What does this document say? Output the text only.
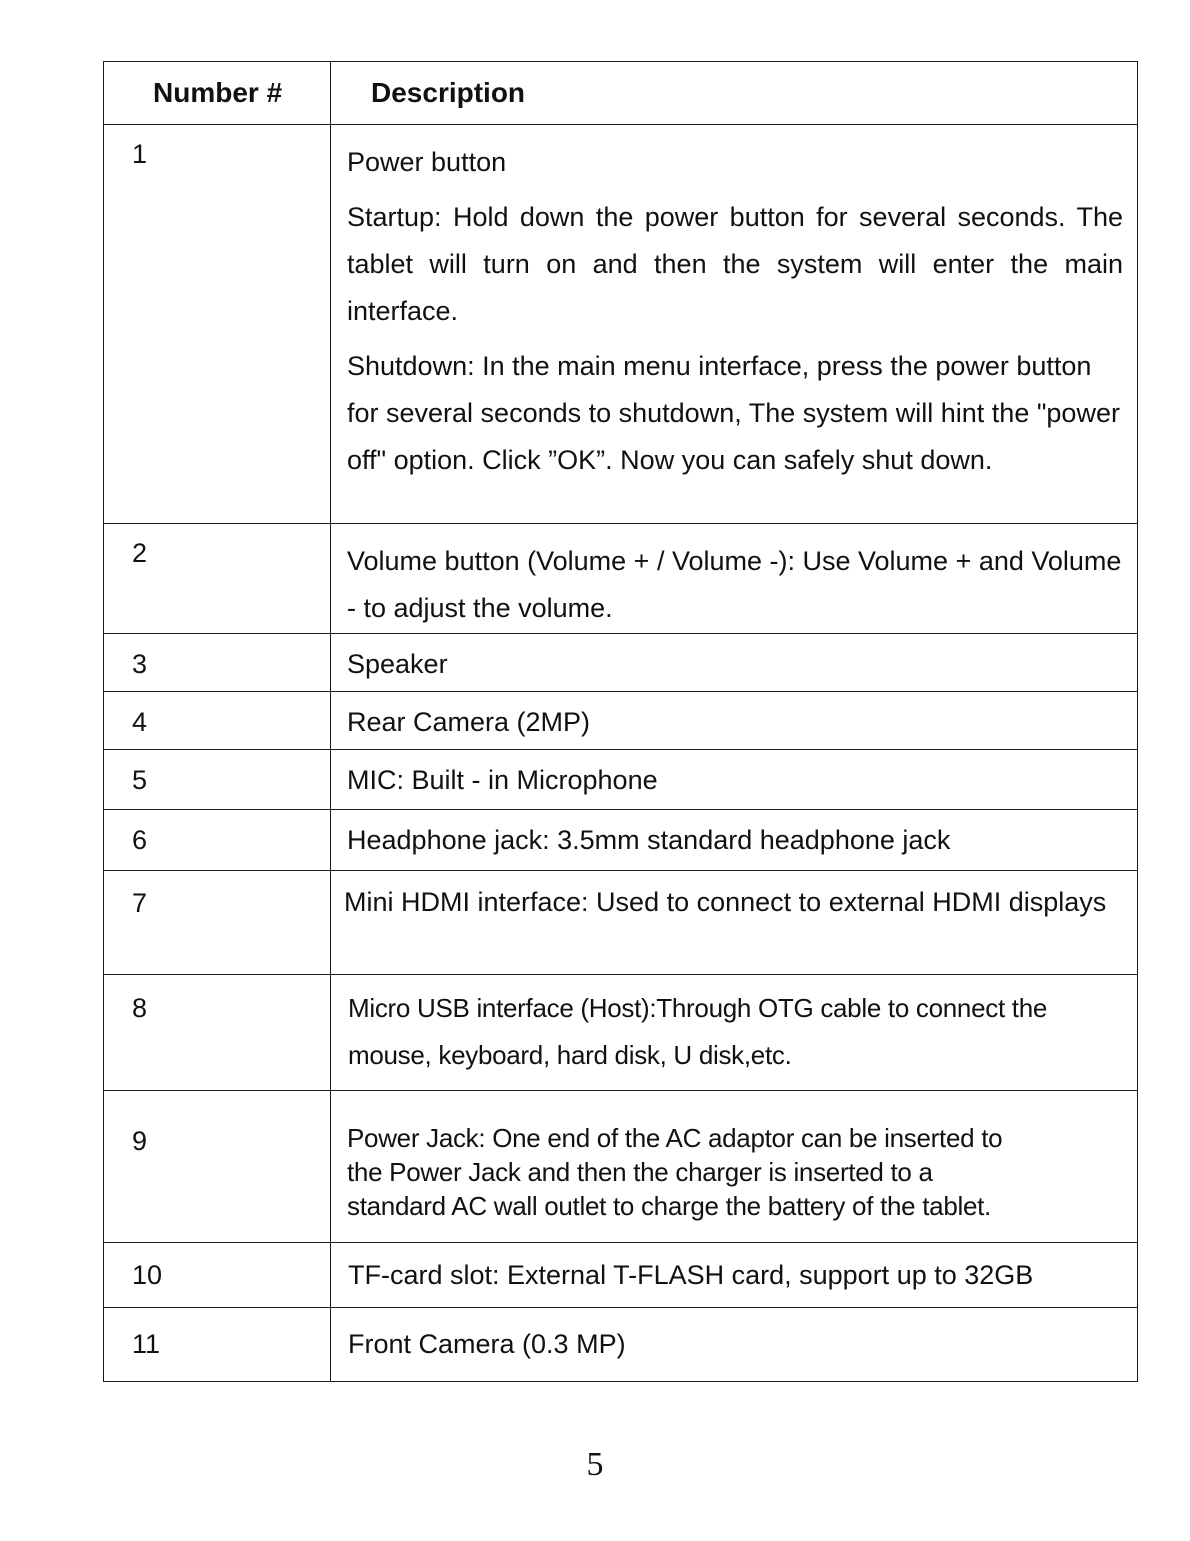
Number #	Description
1	Power button

Startup: Hold down the power button for several seconds. The tablet will turn on and then the system will enter the main interface.

Shutdown: In the main menu interface, press the power button for several seconds to shutdown, The system will hint the "power off" option. Click ”OK”. Now you can safely shut down.

2	Volume button (Volume + / Volume -): Use Volume + and Volume - to adjust the volume.

3	Speaker

4	Rear Camera (2MP)

5	MIC: Built - in Microphone

6	Headphone jack: 3.5mm standard headphone jack

7	Mini HDMI interface: Used to connect to external HDMI displays

8	Micro USB interface (Host):Through OTG cable to connect the mouse, keyboard, hard disk, U disk,etc.

9	Power Jack: One end of the AC adaptor can be inserted to

the Power Jack and then the charger is inserted to a

standard AC wall outlet to charge the battery of the tablet.

10	TF-card slot: External T-FLASH card, support up to 32GB

11	Front Camera (0.3 MP)

5
